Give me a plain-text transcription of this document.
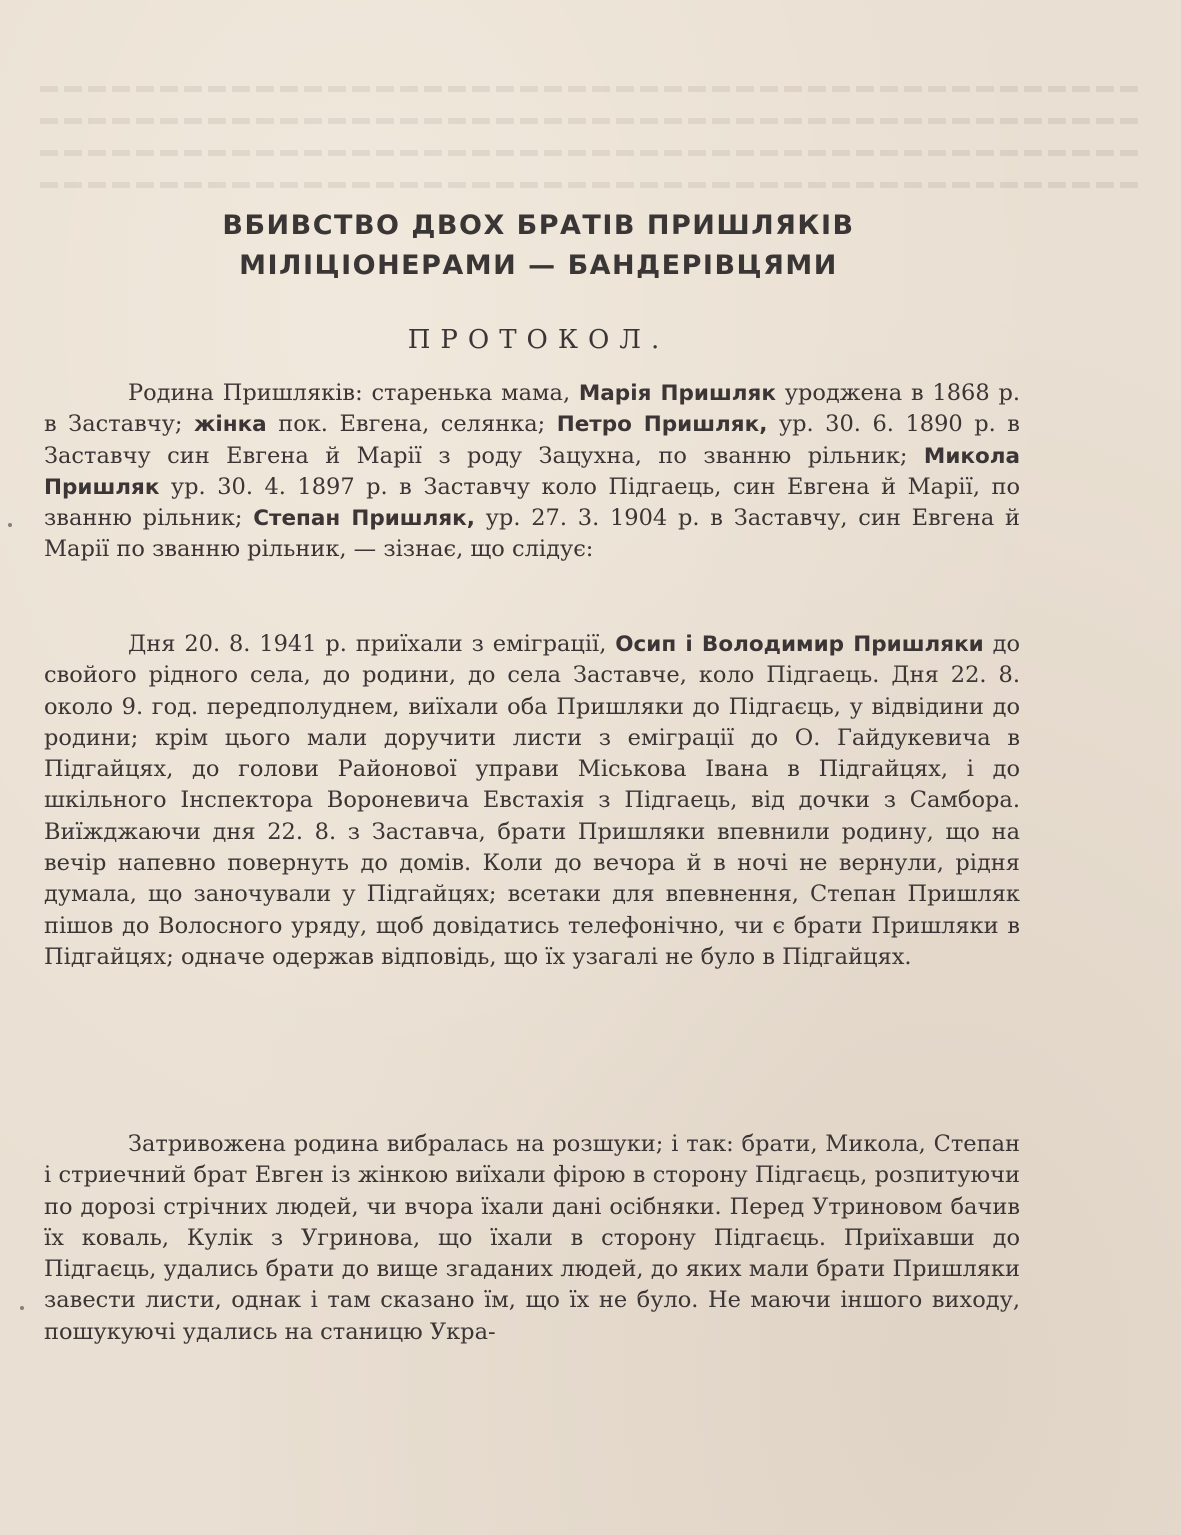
ВБИВСТВО ДВОХ БРАТІВ ПРИШЛЯКІВ
МІЛІЦІОНЕРАМИ — БАНДЕРІВЦЯМИ
ПРОТОКОЛ.

Родина Пришляків: старенька мама, Марія Пришляк уроджена в 1868 р. в Заставчу; жінка пок. Евгена, селянка; Петро Пришляк, ур. 30. 6. 1890 р. в Заставчу син Евгена й Марії з роду Зацухна, по званню рільник; Микола Пришляк ур. 30. 4. 1897 р. в Заставчу коло Підгаець, син Евгена й Марії, по званню рільник; Степан Пришляк, ур. 27. 3. 1904 р. в Заставчу, син Евгена й Марії по званню рільник, — зізнає, що слідує:

Дня 20. 8. 1941 р. приїхали з еміграції, Осип і Володимир Пришляки до свойого рідного села, до родини, до села Заставче, коло Підгаець. Дня 22. 8. около 9. год. передполуднем, виїхали оба Пришляки до Підгаєць, у відвідини до родини; крім цього мали доручити листи з еміграції до О. Гайдукевича в Підгайцях, до голови Районової управи Міськова Івана в Підгайцях, і до шкільного Інспектора Вороневича Евстахія з Підгаець, від дочки з Самбора. Виїжджаючи дня 22. 8. з Заставча, брати Пришляки впевнили родину, що на вечір напевно повернуть до домів. Коли до вечора й в ночі не вернули, рідня думала, що заночували у Підгайцях; всетаки для впевнення, Степан Пришляк пішов до Волосного уряду, щоб довідатись телефонічно, чи є брати Пришляки в Підгайцях; одначе одержав відповідь, що їх узагалі не було в Підгайцях.

Затривожена родина вибралась на розшуки; і так: брати, Микола, Степан і стриечний брат Евген із жінкою виїхали фірою в сторону Підгаєць, розпитуючи по дорозі стрічних людей, чи вчора їхали дані осібняки. Перед Утриновом бачив їх коваль, Кулік з Угринова, що їхали в сторону Підгаєць. Приїхавши до Підгаєць, удались брати до вище згаданих людей, до яких мали брати Пришляки завести листи, однак і там сказано їм, що їх не було. Не маючи іншого виходу, пошукуючі удались на станицю Укра-
